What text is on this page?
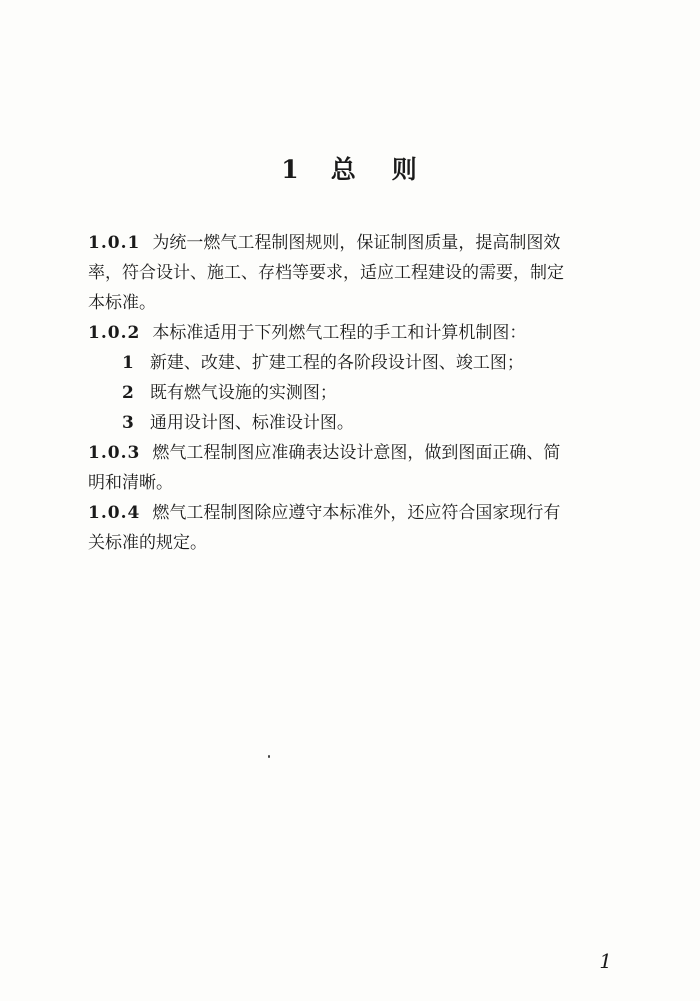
1 总 则
1.0.1 为统一燃气工程制图规则，保证制图质量，提高制图效
率，符合设计、施工、存档等要求，适应工程建设的需要，制定
本标准。
1.0.2 本标准适用于下列燃气工程的手工和计算机制图：
1 新建、改建、扩建工程的各阶段设计图、竣工图；
2 既有燃气设施的实测图；
3 通用设计图、标准设计图。
1.0.3 燃气工程制图应准确表达设计意图，做到图面正确、简
明和清晰。
1.0.4 燃气工程制图除应遵守本标准外，还应符合国家现行有
关标准的规定。
1
